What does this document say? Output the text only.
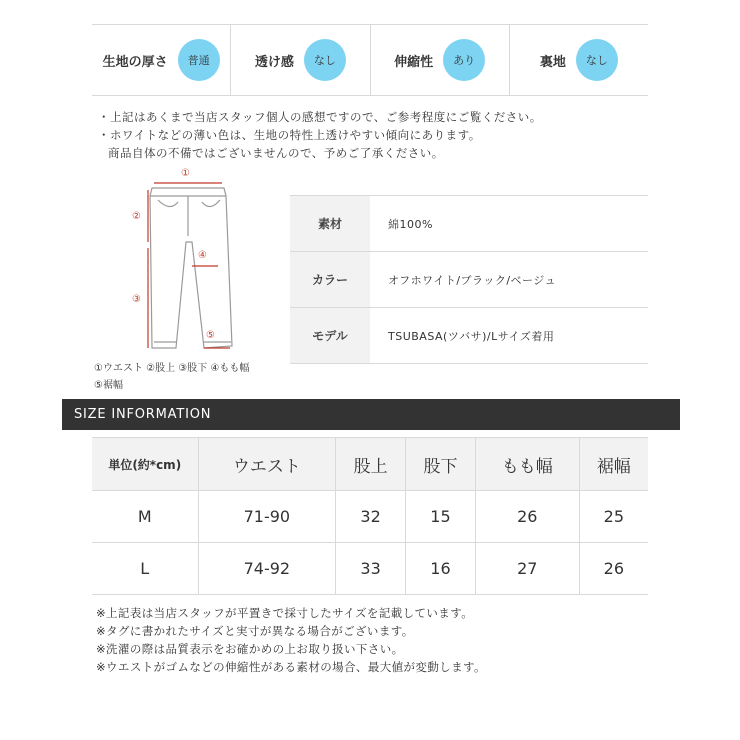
生地の厚さ	普通	透け感	なし	伸縮性	あり	裏地	なし
・上記はあくまで当店スタッフ個人の感想ですので、ご参考程度にご覧ください。
・ホワイトなどの薄い色は、生地の特性上透けやすい傾向にあります。
商品自体の不備ではございませんので、予めご了承ください。
①
②
③
④
⑤
①ウエスト ②股上 ③股下 ④もも幅
⑤裾幅
素材	綿100%
カラー	オフホワイト/ブラック/ベージュ
モデル	TSUBASA(ツバサ)/Lサイズ着用
SIZE INFORMATION
単位(約*cm)	ウエスト	股上	股下	もも幅	裾幅
M	71-90	32	15	26	25
L	74-92	33	16	27	26
※上記表は当店スタッフが平置きで採寸したサイズを記載しています。
※タグに書かれたサイズと実寸が異なる場合がございます。
※洗濯の際は品質表示をお確かめの上お取り扱い下さい。
※ウエストがゴムなどの伸縮性がある素材の場合、最大値が変動します。
